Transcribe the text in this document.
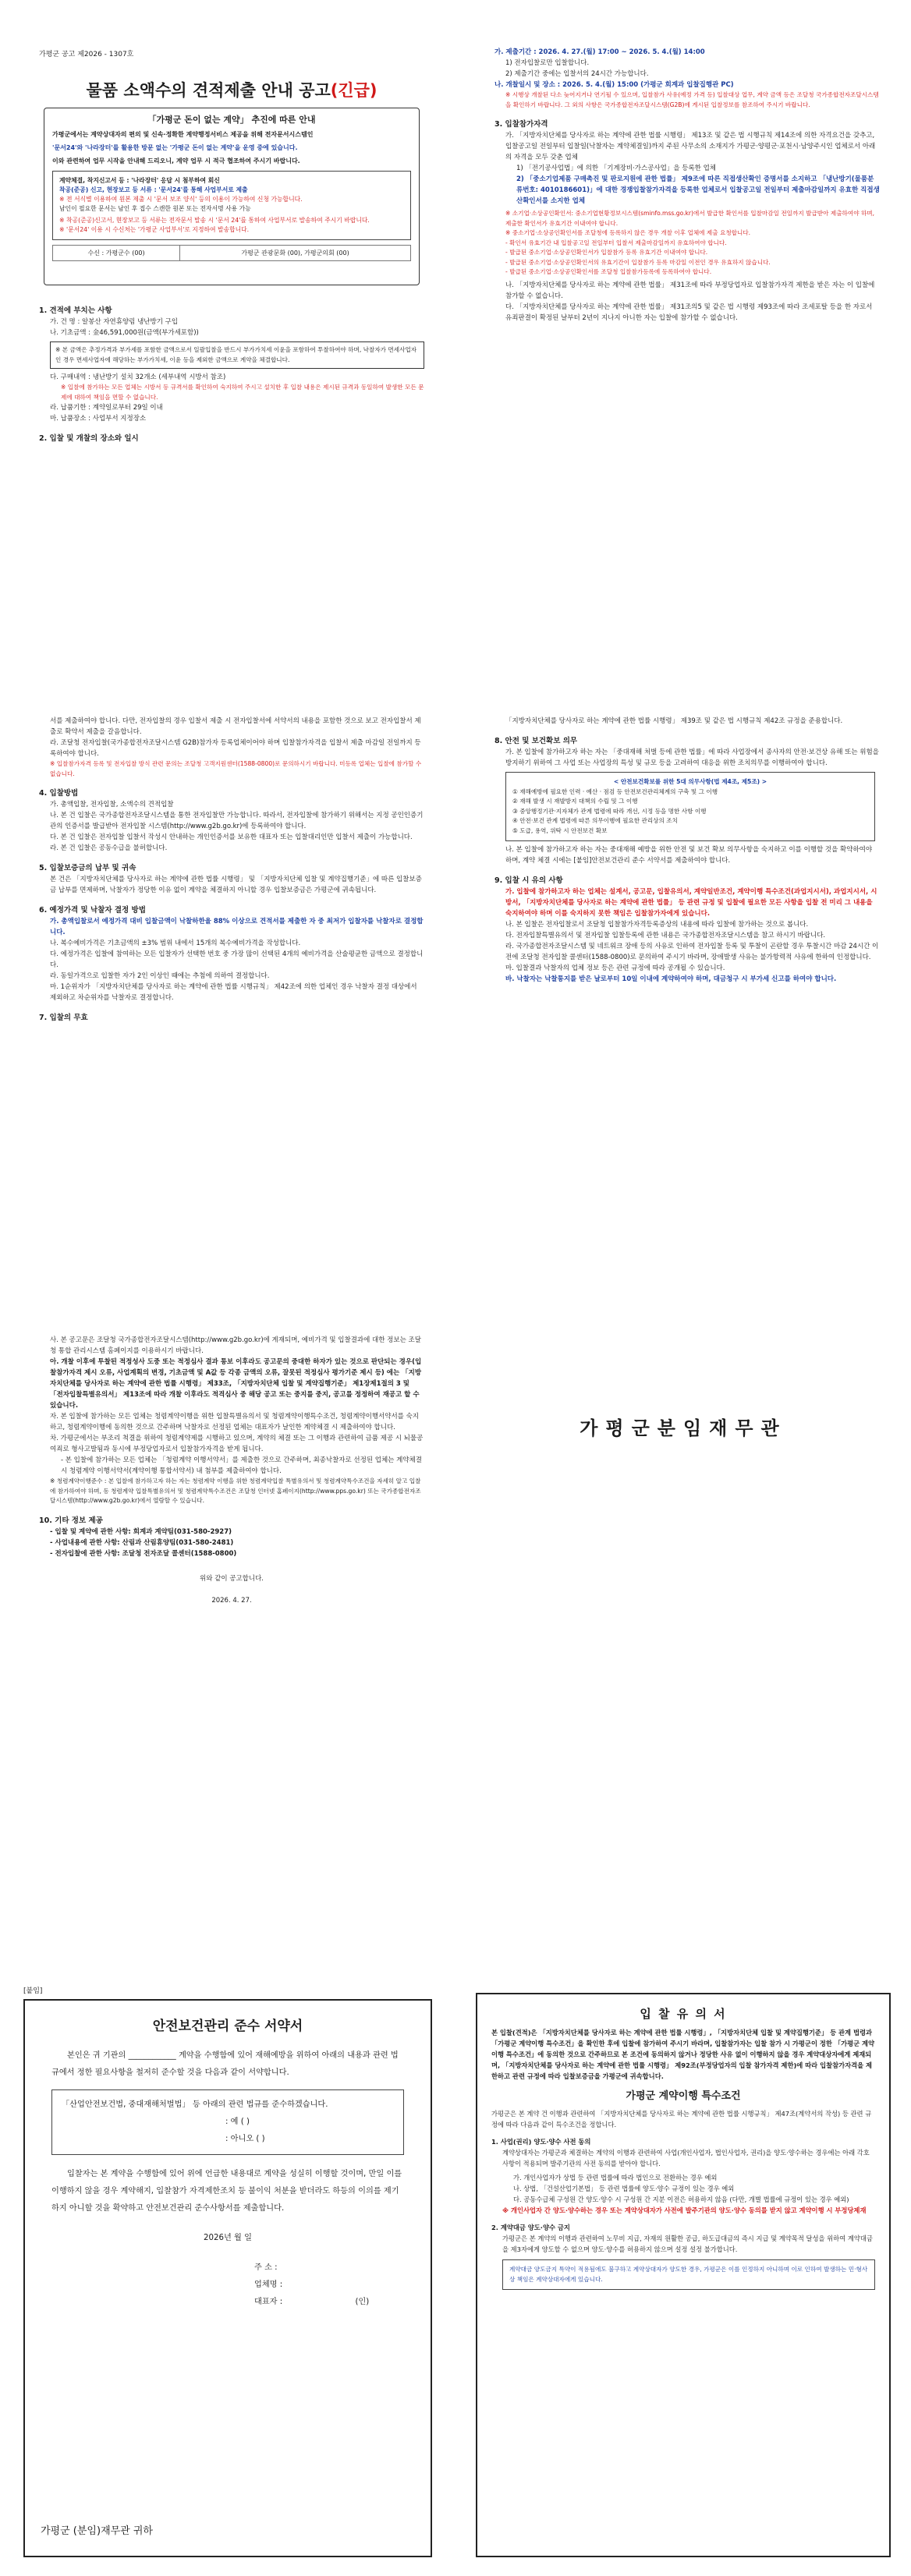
가평군 공고 제2026 - 1307호
물품 소액수의 견적제출 안내 공고(긴급)
「가평군 돈이 없는 계약」 추진에 따른 안내

가평군에서는 계약상대자의 편의 및 신속·정확한 계약행정서비스 제공을 위해 전자문서시스템인

'문서24'와 '나라장터'를 활용한 방문 없는 '가평군 돈이 없는 계약'을 운영 중에 있습니다.

이와 관련하여 업무 시작을 안내해 드리오니, 계약 업무 시 적극 협조하여 주시기 바랍니다.

계약체결, 착지신고서 등 : '나라장터' 응답 시 첨부하여 회신
착공(준공) 신고, 현장보고 등 서류 : '문서24'를 통해 사업부서로 제출
※ 전 서식별 이용하여 원본 제출 시 '문서 보조 양식' 등의 이용이 가능하여 신청 가능합니다.
남인이 필요한 문서는 남인 후 접수 스캔한 원본 또는 전자서명 사용 가능
※ 착공(준공)신고서, 현장보고 등 서류는 전자문서 발송 시 '문서 24'를 통하여 사업부서로 발송하여 주시기 바랍니다.
※ '문서24' 이용 시 수신처는 '가평군 사업부서'로 지정하여 발송합니다.
수신 : 가평군수 (00)	가평군 관광문화 (00), 가평군의회 (00)
1. 견적에 부치는 사항
가. 건 명 : 알봉산 자연휴양림 냉난방기 구입
나. 기초금액 : 金46,591,000원(금액(부가세포함))
※ 본 금액은 추정가격과 부가세를 포함한 금액으로서 일괄입찰을 반드시 부가가치세 이윤을 포함하여 투찰하여야 하며, 낙찰자가 면세사업자인 경우 면세사업자에 해당하는 부가가치세, 이윤 등을 제외한 금액으로 계약을 체결합니다.
다. 구매내역 : 냉난방기 설치 32개소 (세부내역 시방서 참조)
※ 입찰에 참가하는 모든 업체는 시방서 등 규격서를 확인하여 숙지하여 주시고 설치한 후 입찰 내용은 제시된 규격과 동일하여 발생한 모든 문제에 대하여 책임을 면할 수 없습니다.
라. 납품기한 : 계약일로부터 29일 이내
마. 납품장소 : 사업부서 지정장소
2. 입찰 및 개찰의 장소와 일시
가. 제출기간 : 2026. 4. 27.(월) 17:00 ~ 2026. 5. 4.(월) 14:00
1) 전자입찰로만 입찰합니다.
2) 제출기간 중에는 입찰서의 24시간 가능합니다.
나. 개찰일시 및 장소 : 2026. 5. 4.(월) 15:00 (가평군 회계과 입찰집행관 PC)
※ 시행상 개찰된 다소 늦어지거나 연기될 수 있으며, 입찰참가 사유(예정 가격 등) 입찰대상 업무, 계약 금액 등은 조달청 국가종합전자조달시스템을 확인하기 바랍니다. 그 외의 사항은 국가종합전자조달시스템(G2B)에 게시된 입찰정보를 참조하여 주시기 바랍니다.
3. 입찰참가자격
가. 「지방자치단체를 당사자로 하는 계약에 관한 법률 시행령」 제13조 및 같은 법 시행규칙 제14조에 의한 자격요건을 갖추고, 입찰공고일 전일부터 입찰일(낙찰자는 계약체결일)까지 주된 사무소의 소재지가 가평군·양평군·포천시·남양주시인 업체로서 아래의 자격을 모두 갖춘 업체
1) 「전기공사업법」에 의한 「기계장비·가스공사업」을 등록한 업체
2) 「중소기업제품 구매촉진 및 판로지원에 관한 법률」 제9조에 따른 직접생산확인 증명서를 소지하고 「냉난방기(물품분류번호: 4010186601)」에 대한 경쟁입찰참가자격을 등록한 업체로서 입찰공고일 전일부터 제출마감일까지 유효한 직접생산확인서를 소지한 업체
※ 소기업·소상공인확인서: 중소기업현황정보시스템(sminfo.mss.go.kr)에서 발급한 확인서를 입찰마감일 전일까지 발급받아 제출하여야 하며, 제출한 확인서가 유효기간 이내여야 합니다.
※ 중소기업·소상공인확인서를 조달청에 등록하지 않은 경우 개찰 이후 업체에 제출 요청합니다.
- 확인서 유효기간 내 입찰공고일 전일부터 입찰서 제출마감일까지 유효하여야 합니다.
- 발급된 중소기업·소상공인확인서가 입찰참가 등록 유효기간 이내여야 합니다.
- 발급된 중소기업·소상공인확인서의 유효기간이 입찰참가 등록 마감일 이전인 경우 유효하지 않습니다.
- 발급된 중소기업·소상공인확인서를 조달청 입찰참가등록에 등록하여야 합니다.
나. 「지방자치단체를 당사자로 하는 계약에 관한 법률」 제31조에 따라 부정당업자로 입찰참가자격 제한을 받은 자는 이 입찰에 참가할 수 없습니다.
다. 「지방자치단체를 당사자로 하는 계약에 관한 법률」 제31조의5 및 같은 법 시행령 제93조에 따라 조세포탈 등을 한 자로서 유죄판결이 확정된 날부터 2년이 지나지 아니한 자는 입찰에 참가할 수 없습니다.
서를 제출하여야 합니다. 다만, 전자입찰의 경우 입찰서 제출 시 전자입찰서에 서약서의 내용을 포함한 것으로 보고 전자입찰서 제출로 확약서 제출을 갈음합니다.
라. 조달청 전자입찰(국가종합전자조달시스템 G2B)참가자 등록업체이어야 하며 입찰참가자격을 입찰서 제출 마감일 전일까지 등록하여야 합니다.
※ 입찰참가자격 등록 및 전자입찰 방식 관련 문의는 조달청 고객지원센터(1588-0800)로 문의하시기 바랍니다. 미등록 업체는 입찰에 참가할 수 없습니다.
4. 입찰방법
가. 총액입찰, 전자입찰, 소액수의 견적입찰
나. 본 건 입찰은 국가종합전자조달시스템을 통한 전자입찰만 가능합니다. 따라서, 전자입찰에 참가하기 위해서는 지정 공인인증기관의 인증서를 발급받아 전자입찰 시스템(http://www.g2b.go.kr)에 등록하여야 합니다.
다. 본 건 입찰은 전자입찰 입찰서 작성시 안내하는 개인인증서를 보유한 대표자 또는 입찰대리인만 입찰서 제출이 가능합니다.
라. 본 건 입찰은 공동수급을 불허합니다.
5. 입찰보증금의 납부 및 귀속
본 건은 「지방자치단체를 당사자로 하는 계약에 관한 법률 시행령」 및 「지방자치단체 입찰 및 계약집행기준」에 따른 입찰보증금 납부를 면제하며, 낙찰자가 정당한 이유 없이 계약을 체결하지 아니할 경우 입찰보증금은 가평군에 귀속됩니다.
6. 예정가격 및 낙찰자 결정 방법
가. 총액입찰로서 예정가격 대비 입찰금액이 낙찰하한율 88% 이상으로 견적서를 제출한 자 중 최저가 입찰자를 낙찰자로 결정합니다.
나. 복수예비가격은 기초금액의 ±3% 범위 내에서 15개의 복수예비가격을 작성합니다.
다. 예정가격은 입찰에 참여하는 모든 입찰자가 선택한 번호 중 가장 많이 선택된 4개의 예비가격을 산술평균한 금액으로 결정합니다.
라. 동일가격으로 입찰한 자가 2인 이상인 때에는 추첨에 의하여 결정합니다.
마. 1순위자가 「지방자치단체를 당사자로 하는 계약에 관한 법률 시행규칙」 제42조에 의한 업체인 경우 낙찰자 결정 대상에서 제외하고 차순위자를 낙찰자로 결정합니다.
7. 입찰의 무효
「지방자치단체를 당사자로 하는 계약에 관한 법률 시행령」 제39조 및 같은 법 시행규칙 제42조 규정을 준용합니다.
8. 안전 및 보건확보 의무
가. 본 입찰에 참가하고자 하는 자는 「중대재해 처벌 등에 관한 법률」에 따라 사업장에서 종사자의 안전·보건상 유해 또는 위험을 방지하기 위하여 그 사업 또는 사업장의 특성 및 규모 등을 고려하여 대응을 위한 조치의무를 이행하여야 합니다.
< 안전보건확보를 위한 5대 의무사항(법 제4조, 제5조) >
① 재해예방에 필요한 인력 · 예산 · 점검 등 안전보건관리체계의 구축 및 그 이행
② 재해 발생 시 재발방지 대책의 수립 및 그 이행
③ 중앙행정기관·지자체가 관계 법령에 따라 개선, 시정 등을 명한 사항 이행
④ 안전·보건 관계 법령에 따른 의무이행에 필요한 관리상의 조치
⑤ 도급, 용역, 위탁 시 안전보건 확보
나. 본 입찰에 참가하고자 하는 자는 중대재해 예방을 위한 안전 및 보건 확보 의무사항을 숙지하고 이를 이행할 것을 확약하여야 하며, 계약 체결 시에는 [붙임]안전보건관리 준수 서약서를 제출하여야 합니다.
9. 입찰 시 유의 사항
가. 입찰에 참가하고자 하는 업체는 설계서, 공고문, 입찰유의서, 계약일반조건, 계약이행 특수조건(과업지시서), 과업지시서, 시방서, 「지방자치단체를 당사자로 하는 계약에 관한 법률」 등 관련 규정 및 입찰에 필요한 모든 사항을 입찰 전 미리 그 내용을 숙지하여야 하며 이를 숙지하지 못한 책임은 입찰참가자에게 있습니다.
나. 본 입찰은 전자입찰로서 조달청 입찰참가자격등록증상의 내용에 따라 입찰에 참가하는 것으로 봅니다.
다. 전자입찰특별유의서 및 전자입찰 입찰등록에 관한 내용은 국가종합전자조달시스템을 참고 하시기 바랍니다.
라. 국가종합전자조달시스템 및 네트워크 장애 등의 사유로 인하여 전자입찰 등록 및 투찰이 곤란할 경우 투찰시간 마감 24시간 이전에 조달청 전자입찰 콜센터(1588-0800)로 문의하여 주시기 바라며, 장애발생 사유는 불가항력적 사유에 한하여 인정합니다.
마. 입찰결과 낙찰자의 업체 정보 등은 관련 규정에 따라 공개될 수 있습니다.
바. 낙찰자는 낙찰통지를 받은 날로부터 10일 이내에 계약하여야 하며, 대금청구 시 부가세 신고를 하여야 합니다.
사. 본 공고문은 조달청 국가종합전자조달시스템(http://www.g2b.go.kr)에 게재되며, 예비가격 및 입찰결과에 대한 정보는 조달청 통합 관리시스템 홈페이지를 이용하시기 바랍니다.
아. 개찰 이후에 투찰된 적정성사 도중 또는 적정심사 결과 통보 이후라도 공고문의 중대한 하자가 있는 것으로 판단되는 경우(입찰참가자격 제시 오류, 사업계획의 변경, 기초금액 및 A값 등 각종 금액의 오류, 잘못된 적정심사 평가기준 제시 등) 에는 「지방자치단체를 당사자로 하는 계약에 관한 법률 시행령」 제33조, 「지방자치단체 입찰 및 계약집행기준」 제1장제1절의 3 및 「전자입찰특별유의서」 제13조에 따라 개찰 이후라도 적격심사 중 해당 공고 또는 중지를 중지, 공고를 정정하여 재공고 할 수 있습니다.
자. 본 입찰에 참가하는 모든 업체는 청렴계약이행을 위한 입찰특별유의서 및 청렴계약이행특수조건, 청렴계약이행서약서를 숙지하고, 청렴계약이행에 동의한 것으로 간주하며 낙찰자로 선정된 업체는 대표자가 날인한 계약체결 시 제출하여야 합니다.
차. 가평군에서는 부조리 척결을 위하여 청렴계약제를 시행하고 있으며, 계약의 체결 또는 그 이행과 관련하여 금품 제공 시 뇌물공여죄로 형사고발됨과 동시에 부정당업자로서 입찰참가자격을 받게 됩니다.
- 본 입찰에 참가하는 모든 업체는 「청렴계약 이행서약서」를 제출한 것으로 간주하며, 최종낙찰자로 선정된 업체는 계약체결 시 청렴계약 이행서약서(계약이행 통합서약서) 내 첨부를 제출하여야 합니다.
※ 청렴계약이행준수 : 본 입찰에 참가하고자 하는 자는 청렴계약 이행을 위한 청렴계약입찰 특별유의서 및 청렴계약특수조건을 자세히 알고 입찰에 참가하여야 하며, 동 청렴계약 입찰특별유의서 및 청렴계약특수조건은 조달청 인터넷 홈페이지(http://www.pps.go.kr) 또는 국가종합전자조달시스템(http://www.g2b.go.kr)에서 열람할 수 있습니다.
10. 기타 정보 제공
- 입찰 및 계약에 관한 사항: 회계과 계약팀(031-580-2927)
- 사업내용에 관한 사항: 산림과 산림휴양팀(031-580-2481)
- 전자입찰에 관한 사항: 조달청 전자조달 콜센터(1588-0800)
위와 같이 공고합니다.
2026. 4. 27.
가평군분임재무관
[붙임]
안전보건관리 준수 서약서

본인은 귀 기관의 ____________ 계약을 수행함에 있어 재해예방을 위하여 아래의 내용과 관련 법규에서 정한 필요사항을 철저히 준수할 것을 다음과 같이 서약합니다.

「산업안전보건법, 중대재해처벌법」 등 아래의 관련 법규를 준수하겠습니다.
: 예 ( )
: 아니오 ( )

입찰자는 본 계약을 수행함에 있어 위에 언급한 내용대로 계약을 성실히 이행할 것이며, 만일 이를 이행하지 않을 경우 계약해지, 입찰참가 자격제한조치 등 불이익 처분을 받더라도 하등의 이의를 제기하지 아니할 것을 확약하고 안전보건관리 준수사항서를 제출합니다.

2026년 월 일
주 소 :
업체명 :
대표자 :	(인)
가평군 (분임)재무관 귀하
입 찰 유 의 서

본 입찰(견적)은 「지방자치단체를 당사자로 하는 계약에 관한 법률 시행령」, 「지방자치단체 입찰 및 계약집행기준」 등 관계 법령과 「가평군 계약이행 특수조건」을 확인한 후에 입찰에 참가하여 주시기 바라며, 입찰참가자는 입찰 참가 시 가평군이 정한 「가평군 계약이행 특수조건」에 동의한 것으로 간주하므로 본 조건에 동의하지 않거나 정당한 사유 없이 이행하지 않을 경우 계약대상자에게 제재되며, 「지방자치단체를 당사자로 하는 계약에 관한 법률 시행령」 제92조(부정당업자의 입찰 참가자격 제한)에 따라 입찰참가자격을 제한하고 관련 규정에 따라 입찰보증금을 가평군에 귀속합니다.

가평군 계약이행 특수조건

가평군은 본 계약 건 이행과 관련하여 「지방자치단체를 당사자로 하는 계약에 관한 법률 시행규칙」 제47조(계약서의 작성) 등 관련 규정에 따라 다음과 같이 특수조건을 정합니다.

1. 사업(권리) 양도·양수 사전 동의

계약상대자는 가평군과 체결하는 계약의 이행과 관련하여 사업(개인사업자, 법인사업자, 권리)을 양도·양수하는 경우에는 아래 각호 사항이 적용되며 발주기관의 사전 동의를 받아야 합니다.

가. 개인사업자가 상법 등 관련 법률에 따라 법인으로 전환하는 경우 예외
나. 상법, 「건설산업기본법」 등 관련 법률에 양도·양수 규정이 있는 경우 예외
다. 공동수급체 구성원 간 양도·양수 시 구성원 간 지분 이전은 허용하지 않음 (다만, 개별 법률에 규정이 있는 경우 예외)
※ 개인사업자 간 양도·양수하는 경우 또는 계약상대자가 사전에 발주기관의 양도·양수 동의를 받지 않고 계약이행 시 부정당제재
2. 계약대금 양도·양수 금지

가평군은 본 계약의 이행과 관련하여 노무비 지급, 자재의 원활한 공급, 하도급대금의 즉시 지급 및 계약목적 달성을 위하여 계약대금을 제3자에게 양도할 수 없으며 양도·양수를 허용하지 않으며 설정 설정 불가합니다.

계약대금 양도금지 특약이 적용됨에도 불구하고 계약상대자가 양도한 경우, 가평군은 이를 인정하지 아니하며 이로 인하여 발생하는 민·형사상 책임은 계약상대자에게 있습니다.
